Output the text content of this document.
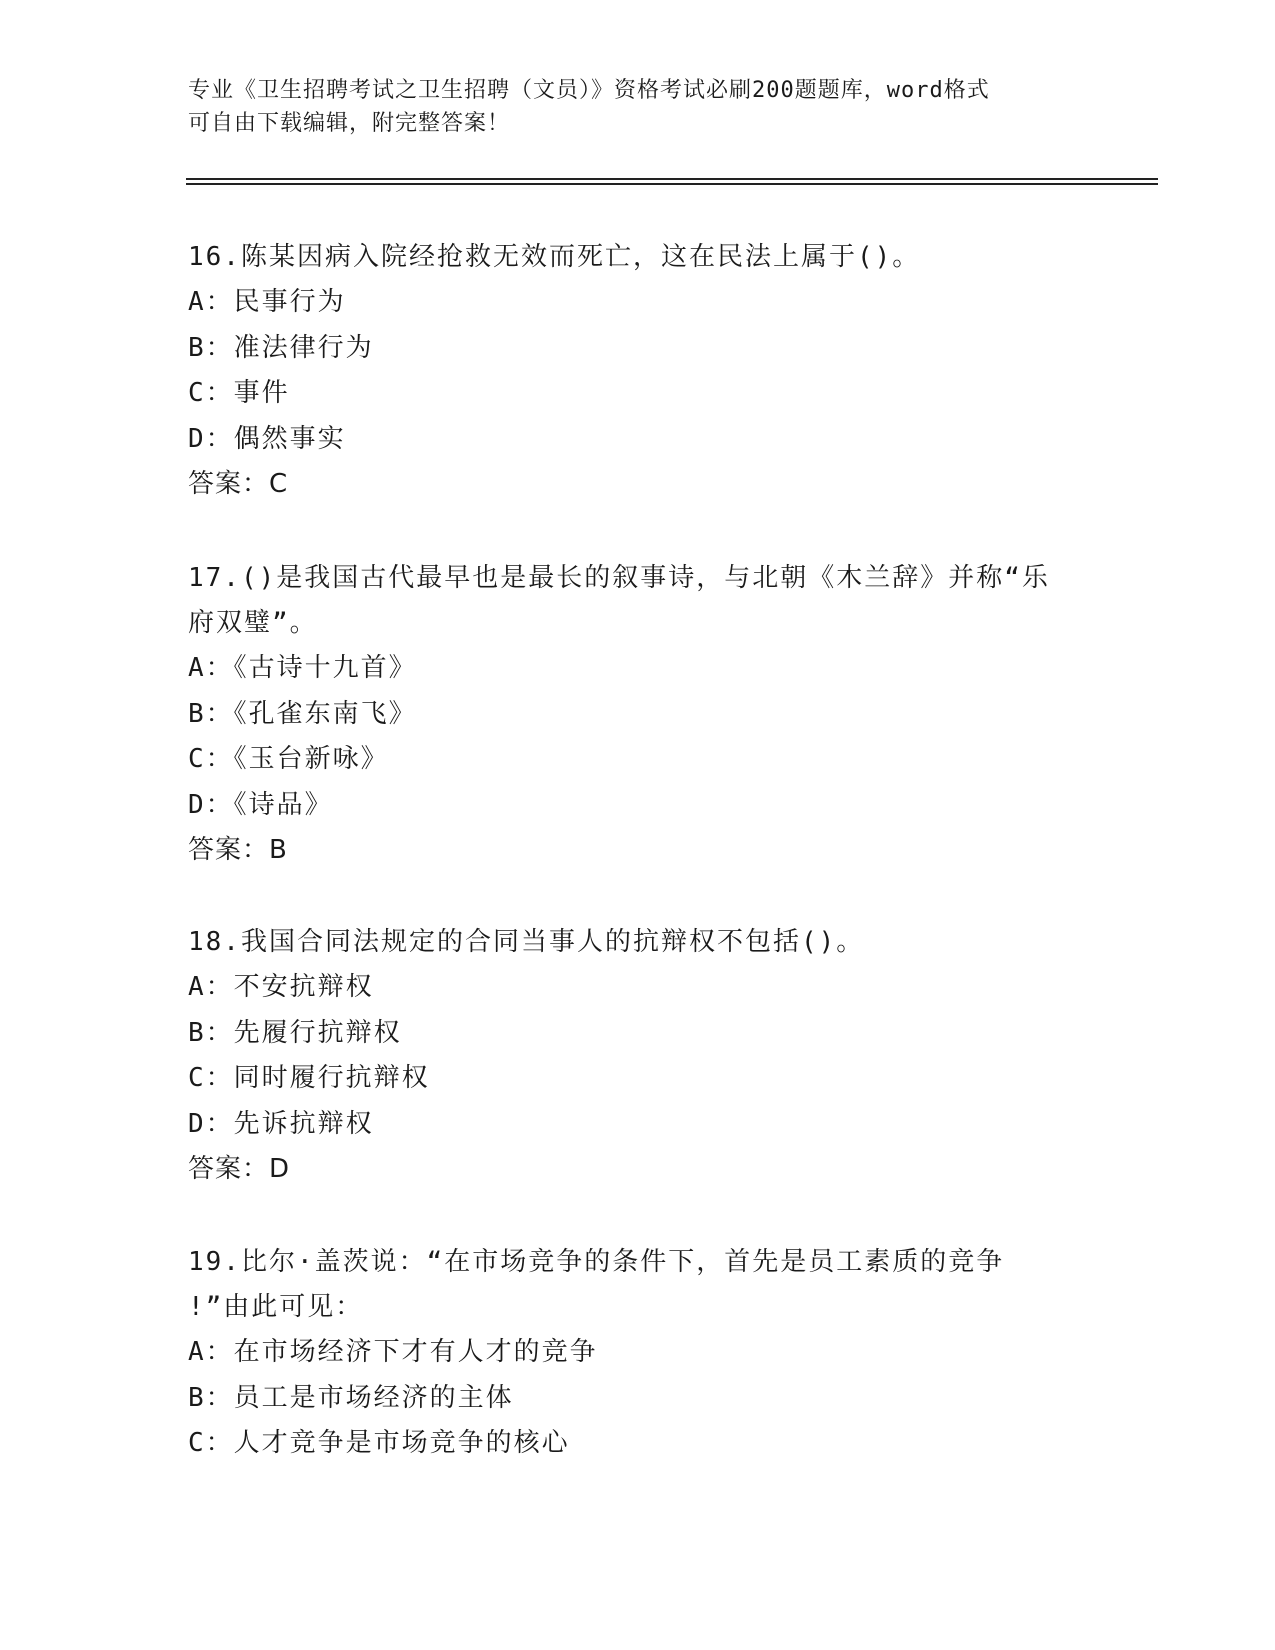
专业《卫生招聘考试之卫生招聘（文员）》资格考试必刷200题题库，word格式
可自由下载编辑，附完整答案！

16.陈某因病入院经抢救无效而死亡，这在民法上属于()。

A：民事行为

B：准法律行为

C：事件

D：偶然事实

答案：C

17.()是我国古代最早也是最长的叙事诗，与北朝《木兰辞》并称“乐

府双璧”。

A：《古诗十九首》

B：《孔雀东南飞》

C：《玉台新咏》

D：《诗品》

答案：B

18.我国合同法规定的合同当事人的抗辩权不包括()。

A：不安抗辩权

B：先履行抗辩权

C：同时履行抗辩权

D：先诉抗辩权

答案：D

19.比尔·盖茨说：“在市场竞争的条件下，首先是员工素质的竞争

!”由此可见：

A：在市场经济下才有人才的竞争

B：员工是市场经济的主体

C：人才竞争是市场竞争的核心
